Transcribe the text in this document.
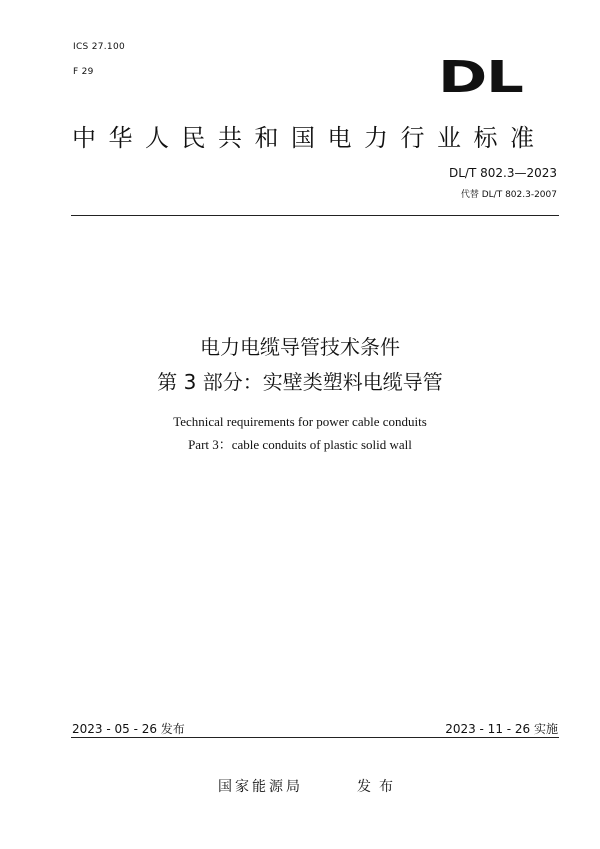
ICS 27.100
F 29	DL
中华人民共和国电力行业标准
DL/T 802.3—2023
代替 DL/T 802.3-2007
电力电缆导管技术条件
第 3 部分：实壁类塑料电缆导管
Technical requirements for power cable conduits
Part 3：cable conduits of plastic solid wall
2023 - 05 - 26 发布	2023 - 11 - 26 实施
国家能源局	发布
